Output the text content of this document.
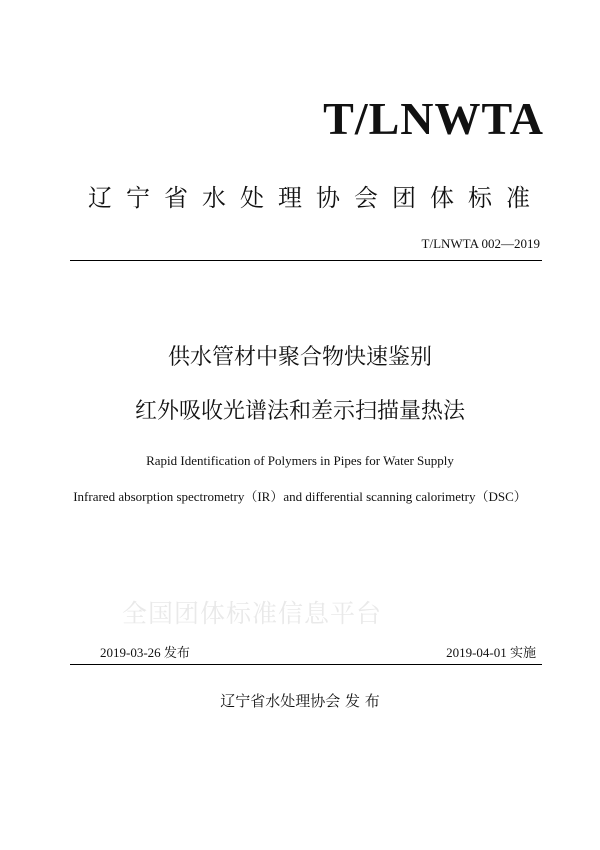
T/LNWTA
辽宁省水处理协会团体标准
T/LNWTA 002—2019
供水管材中聚合物快速鉴别
红外吸收光谱法和差示扫描量热法
Rapid Identification of Polymers in Pipes for Water Supply
Infrared absorption spectrometry（IR）and differential scanning calorimetry（DSC）
全国团体标准信息平台
2019-03-26 发布	2019-04-01 实施
辽宁省水处理协会 发 布
